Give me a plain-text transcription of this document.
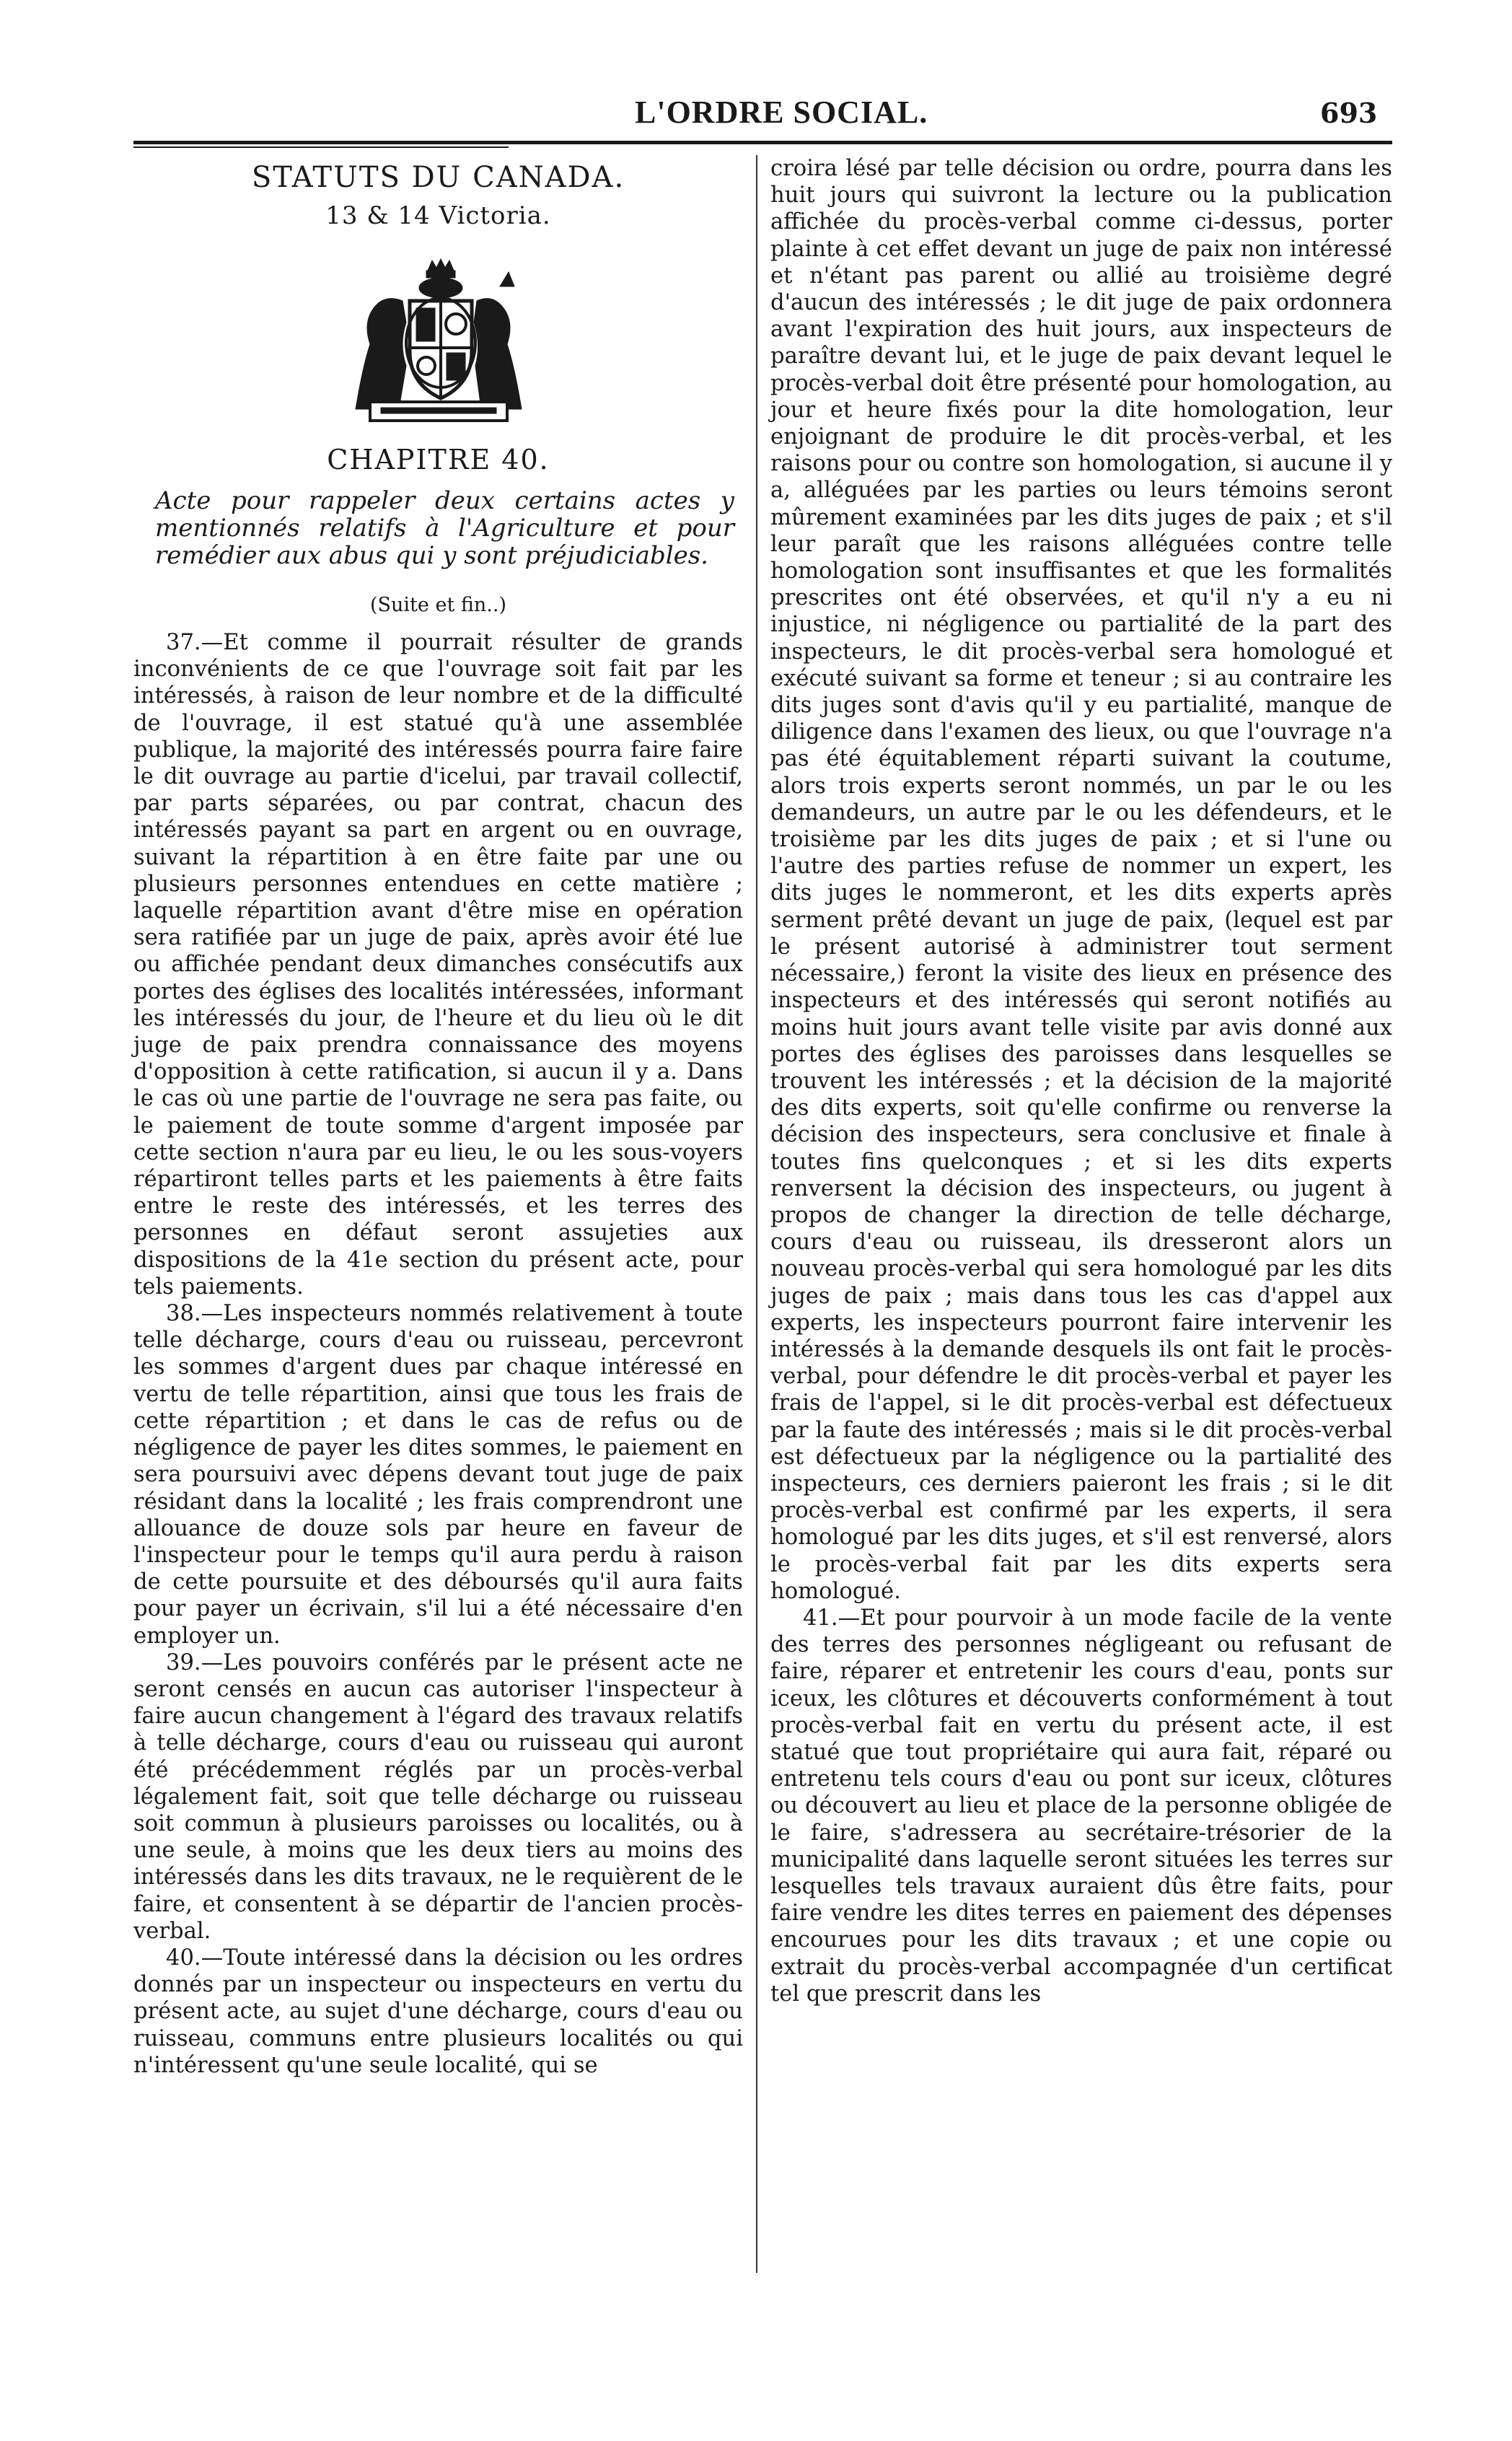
L'ORDRE SOCIAL.	693
STATUTS DU CANADA.
13 & 14 Victoria.
CHAPITRE 40.
Acte pour rappeler deux certains actes y mentionnés relatifs à l'Agriculture et pour remédier aux abus qui y sont préjudiciables.
(Suite et fin..)

37.—Et comme il pourrait résulter de grands inconvénients de ce que l'ouvrage soit fait par les intéressés, à raison de leur nombre et de la difficulté de l'ouvrage, il est statué qu'à une assemblée publique, la majorité des intéressés pourra faire faire le dit ouvrage au partie d'icelui, par travail collectif, par parts séparées, ou par contrat, chacun des intéressés payant sa part en argent ou en ouvrage, suivant la répartition à en être faite par une ou plusieurs personnes entendues en cette matière ; laquelle répartition avant d'être mise en opération sera ratifiée par un juge de paix, après avoir été lue ou affichée pendant deux dimanches consécutifs aux portes des églises des localités intéressées, informant les intéressés du jour, de l'heure et du lieu où le dit juge de paix prendra connaissance des moyens d'opposition à cette ratification, si aucun il y a. Dans le cas où une partie de l'ouvrage ne sera pas faite, ou le paiement de toute somme d'argent imposée par cette section n'aura par eu lieu, le ou les sous-voyers répartiront telles parts et les paiements à être faits entre le reste des intéressés, et les terres des personnes en défaut seront assujeties aux dispositions de la 41e section du présent acte, pour tels paiements.

38.—Les inspecteurs nommés relativement à toute telle décharge, cours d'eau ou ruisseau, percevront les sommes d'argent dues par chaque intéressé en vertu de telle répartition, ainsi que tous les frais de cette répartition ; et dans le cas de refus ou de négligence de payer les dites sommes, le paiement en sera poursuivi avec dépens devant tout juge de paix résidant dans la localité ; les frais comprendront une allouance de douze sols par heure en faveur de l'inspecteur pour le temps qu'il aura perdu à raison de cette poursuite et des déboursés qu'il aura faits pour payer un écrivain, s'il lui a été nécessaire d'en employer un.

39.—Les pouvoirs conférés par le présent acte ne seront censés en aucun cas autoriser l'inspecteur à faire aucun changement à l'égard des travaux relatifs à telle décharge, cours d'eau ou ruisseau qui auront été précédemment réglés par un procès-verbal légalement fait, soit que telle décharge ou ruisseau soit commun à plusieurs paroisses ou localités, ou à une seule, à moins que les deux tiers au moins des intéressés dans les dits travaux, ne le requièrent de le faire, et consentent à se départir de l'ancien procès-verbal.

40.—Toute intéressé dans la décision ou les ordres donnés par un inspecteur ou inspecteurs en vertu du présent acte, au sujet d'une décharge, cours d'eau ou ruisseau, communs entre plusieurs localités ou qui n'intéressent qu'une seule localité, qui se

croira lésé par telle décision ou ordre, pourra dans les huit jours qui suivront la lecture ou la publication affichée du procès-verbal comme ci-dessus, porter plainte à cet effet devant un juge de paix non intéressé et n'étant pas parent ou allié au troisième degré d'aucun des intéressés ; le dit juge de paix ordonnera avant l'expiration des huit jours, aux inspecteurs de paraître devant lui, et le juge de paix devant lequel le procès-verbal doit être présenté pour homologation, au jour et heure fixés pour la dite homologation, leur enjoignant de produire le dit procès-verbal, et les raisons pour ou contre son homologation, si aucune il y a, alléguées par les parties ou leurs témoins seront mûrement examinées par les dits juges de paix ; et s'il leur paraît que les raisons alléguées contre telle homologation sont insuffisantes et que les formalités prescrites ont été observées, et qu'il n'y a eu ni injustice, ni négligence ou partialité de la part des inspecteurs, le dit procès-verbal sera homologué et exécuté suivant sa forme et teneur ; si au contraire les dits juges sont d'avis qu'il y eu partialité, manque de diligence dans l'examen des lieux, ou que l'ouvrage n'a pas été équitablement réparti suivant la coutume, alors trois experts seront nommés, un par le ou les demandeurs, un autre par le ou les défendeurs, et le troisième par les dits juges de paix ; et si l'une ou l'autre des parties refuse de nommer un expert, les dits juges le nommeront, et les dits experts après serment prêté devant un juge de paix, (lequel est par le présent autorisé à administrer tout serment nécessaire,) feront la visite des lieux en présence des inspecteurs et des intéressés qui seront notifiés au moins huit jours avant telle visite par avis donné aux portes des églises des paroisses dans lesquelles se trouvent les intéressés ; et la décision de la majorité des dits experts, soit qu'elle confirme ou renverse la décision des inspecteurs, sera conclusive et finale à toutes fins quelconques ; et si les dits experts renversent la décision des inspecteurs, ou jugent à propos de changer la direction de telle décharge, cours d'eau ou ruisseau, ils dresseront alors un nouveau procès-verbal qui sera homologué par les dits juges de paix ; mais dans tous les cas d'appel aux experts, les inspecteurs pourront faire intervenir les intéressés à la demande desquels ils ont fait le procès-verbal, pour défendre le dit procès-verbal et payer les frais de l'appel, si le dit procès-verbal est défectueux par la faute des intéressés ; mais si le dit procès-verbal est défectueux par la négligence ou la partialité des inspecteurs, ces derniers paieront les frais ; si le dit procès-verbal est confirmé par les experts, il sera homologué par les dits juges, et s'il est renversé, alors le procès-verbal fait par les dits experts sera homologué.

41.—Et pour pourvoir à un mode facile de la vente des terres des personnes négligeant ou refusant de faire, réparer et entretenir les cours d'eau, ponts sur iceux, les clôtures et découverts conformément à tout procès-verbal fait en vertu du présent acte, il est statué que tout propriétaire qui aura fait, réparé ou entretenu tels cours d'eau ou pont sur iceux, clôtures ou découvert au lieu et place de la personne obligée de le faire, s'adressera au secrétaire-trésorier de la municipalité dans laquelle seront situées les terres sur lesquelles tels travaux auraient dûs être faits, pour faire vendre les dites terres en paiement des dépenses encourues pour les dits travaux ; et une copie ou extrait du procès-verbal accompagnée d'un certificat tel que prescrit dans les
